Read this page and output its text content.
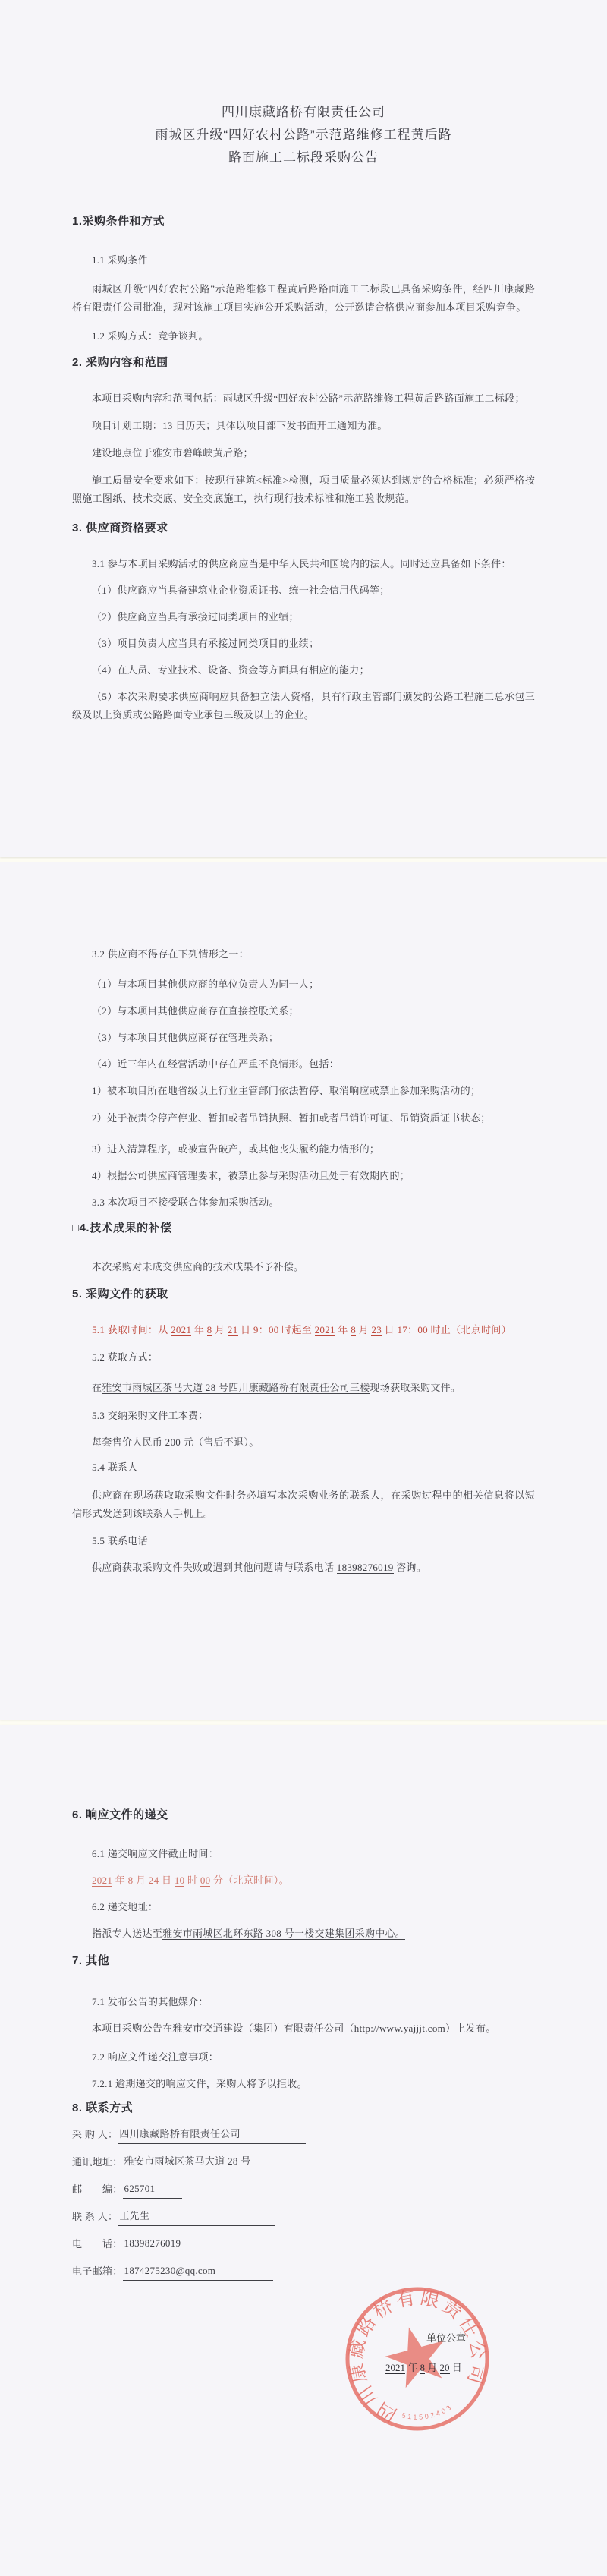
四川康藏路桥有限责任公司
雨城区升级“四好农村公路”示范路维修工程黄后路
路面施工二标段采购公告
1.采购条件和方式
1.1 采购条件
雨城区升级“四好农村公路”示范路维修工程黄后路路面施工二标段已具备采购条件，经四川康藏路桥有限责任公司批准，现对该施工项目实施公开采购活动，公开邀请合格供应商参加本项目采购竞争。
1.2 采购方式：竞争谈判。
2. 采购内容和范围
本项目采购内容和范围包括：雨城区升级“四好农村公路”示范路维修工程黄后路路面施工二标段；
项目计划工期：13 日历天；具体以项目部下发书面开工通知为准。
建设地点位于雅安市碧峰峡黄后路；
施工质量安全要求如下：按现行建筑<标准>检测，项目质量必须达到规定的合格标准；必须严格按照施工图纸、技术交底、安全交底施工，执行现行技术标准和施工验收规范。
3. 供应商资格要求
3.1 参与本项目采购活动的供应商应当是中华人民共和国境内的法人。同时还应具备如下条件：
（1）供应商应当具备建筑业企业资质证书、统一社会信用代码等；
（2）供应商应当具有承接过同类项目的业绩；
（3）项目负责人应当具有承接过同类项目的业绩；
（4）在人员、专业技术、设备、资金等方面具有相应的能力；
（5）本次采购要求供应商响应具备独立法人资格，具有行政主管部门颁发的公路工程施工总承包三级及以上资质或公路路面专业承包三级及以上的企业。
3.2 供应商不得存在下列情形之一：
（1）与本项目其他供应商的单位负责人为同一人；
（2）与本项目其他供应商存在直接控股关系；
（3）与本项目其他供应商存在管理关系；
（4）近三年内在经营活动中存在严重不良情形。包括：
1）被本项目所在地省级以上行业主管部门依法暂停、取消响应或禁止参加采购活动的；
2）处于被责令停产停业、暂扣或者吊销执照、暂扣或者吊销许可证、吊销资质证书状态；
3）进入清算程序，或被宣告破产，或其他丧失履约能力情形的；
4）根据公司供应商管理要求，被禁止参与采购活动且处于有效期内的；
3.3 本次项目不接受联合体参加采购活动。
□4.技术成果的补偿
本次采购对未成交供应商的技术成果不予补偿。
5. 采购文件的获取
5.1 获取时间：从 2021 年 8 月 21 日 9：00 时起至 2021 年 8 月 23 日 17：00 时止（北京时间）
5.2 获取方式：
在雅安市雨城区茶马大道 28 号四川康藏路桥有限责任公司三楼现场获取采购文件。
5.3 交纳采购文件工本费：
每套售价人民币 200 元（售后不退）。
5.4 联系人
供应商在现场获取取采购文件时务必填写本次采购业务的联系人，在采购过程中的相关信息将以短信形式发送到该联系人手机上。
5.5 联系电话
供应商获取采购文件失败或遇到其他问题请与联系电话 18398276019 咨询。
6. 响应文件的递交
6.1 递交响应文件截止时间：
2021 年 8 月 24 日 10 时 00 分（北京时间）。
6.2 递交地址：
指派专人送达至雅安市雨城区北环东路 308 号一楼交建集团采购中心。
7. 其他
7.1 发布公告的其他媒介：
本项目采购公告在雅安市交通建设（集团）有限责任公司（http://www.yajjjt.com）上发布。
7.2 响应文件递交注意事项：
7.2.1 逾期递交的响应文件，采购人将予以拒收。
8. 联系方式
采 购 人： 四川康藏路桥有限责任公司
通讯地址： 雅安市雨城区茶马大道 28 号
邮　　编： 625701
联 系 人： 王先生
电　　话： 18398276019
电子邮箱： 1874275230@qq.com
四川康藏路桥有限责任公司
511502403
单位公章
2021 年 8 月 20 日
